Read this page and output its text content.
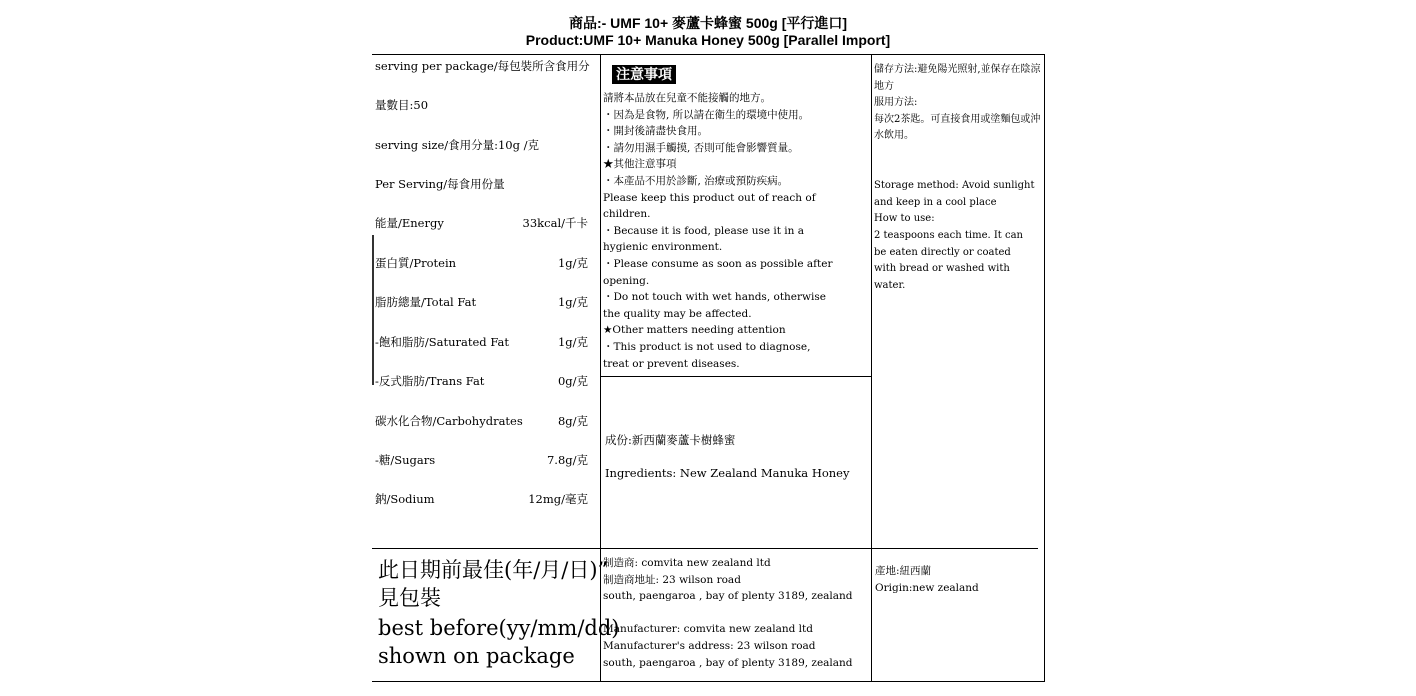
商品:- UMF 10+ 麥蘆卡蜂蜜 500g [平行進口]
Product:UMF 10+ Manuka Honey 500g [Parallel Import]
serving per package/每包裝所含食用分
量數目:50
serving size/食用分量:10g /克
Per Serving/每食用份量
能量/Energy	33kcal/千卡
蛋白質/Protein	1g/克
脂肪總量/Total Fat	1g/克
-飽和脂肪/Saturated Fat	1g/克
-反式脂肪/Trans Fat	0g/克
碳水化合物/Carbohydrates	8g/克
-糖/Sugars	7.8g/克
鈉/Sodium	12mg/毫克
注意事項
請將本品放在兒童不能接觸的地方。
・因為是食物, 所以請在衛生的環境中使用。
・開封後請盡快食用。
・請勿用濕手觸摸, 否則可能會影響質量。
★其他注意事項
・本產品不用於診斷, 治療或預防疾病。
Please keep this product out of reach of
children.
・Because it is food, please use it in a
hygienic environment.
・Please consume as soon as possible after
opening.
・Do not touch with wet hands, otherwise
the quality may be affected.
★Other matters needing attention
・This product is not used to diagnose,
treat or prevent diseases.
儲存方法:避免陽光照射,並保存在陰涼
地方
服用方法:
每次2茶匙。可直接食用或塗麵包或沖
水飲用。
Storage method: Avoid sunlight
and keep in a cool place
How to use:
2 teaspoons each time. It can
be eaten directly or coated
with bread or washed with
water.
成份:新西蘭麥蘆卡樹蜂蜜
Ingredients: New Zealand Manuka Honey
此日期前最佳(年/月/日)”
見包裝
best before(yy/mm/dd)
shown on package
制造商: comvita new zealand ltd
制造商地址: 23 wilson road
south, paengaroa , bay of plenty 3189, zealand
Manufacturer: comvita new zealand ltd
Manufacturer's address: 23 wilson road
south, paengaroa , bay of plenty 3189, zealand
產地:紐西蘭
Origin:new zealand
